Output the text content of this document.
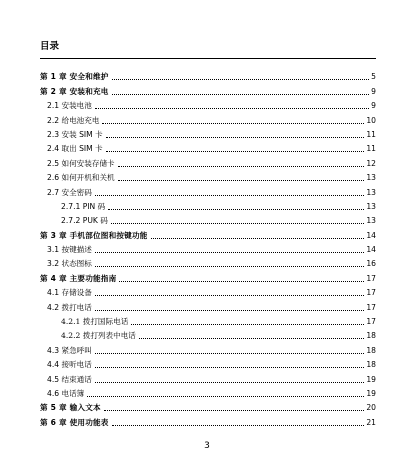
目录
第 1 章 安全和维护	5
第 2 章 安装和充电	9
2.1 安装电池	9
2.2 给电池充电	10
2.3 安装 SIM 卡	11
2.4 取出 SIM 卡	11
2.5 如何安装存储卡	12
2.6 如何开机和关机	13
2.7 安全密码	13
2.7.1 PIN 码	13
2.7.2 PUK 码	13
第 3 章 手机部位图和按键功能	14
3.1 按键描述	14
3.2 状态图标	16
第 4 章 主要功能指南	17
4.1 存储设备	17
4.2 拨打电话	17
4.2.1 拨打国际电话	17
4.2.2 拨打列表中电话	18
4.3 紧急呼叫	18
4.4 接听电话	18
4.5 结束通话	19
4.6 电话簿	19
第 5 章 输入文本	20
第 6 章 使用功能表	21
3
